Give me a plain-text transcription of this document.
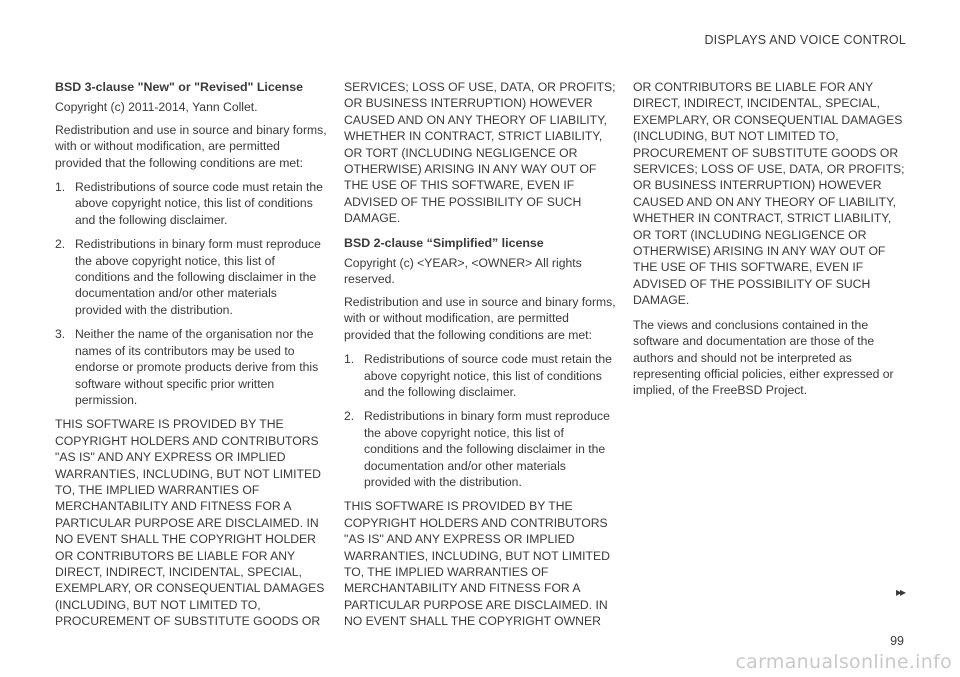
DISPLAYS AND VOICE CONTROL
BSD 3-clause "New" or "Revised" License

Copyright (c) 2011-2014, Yann Collet.

Redistribution and use in source and binary forms, with or without modification, are permitted provided that the following conditions are met:

1. Redistributions of source code must retain the above copyright notice, this list of conditions and the following disclaimer.
2. Redistributions in binary form must reproduce the above copyright notice, this list of conditions and the following disclaimer in the documentation and/or other materials provided with the distribution.
3. Neither the name of the organisation nor the names of its contributors may be used to endorse or promote products derive from this software without specific prior written permission.

THIS SOFTWARE IS PROVIDED BY THE COPYRIGHT HOLDERS AND CONTRIBUTORS "AS IS" AND ANY EXPRESS OR IMPLIED WARRANTIES, INCLUDING, BUT NOT LIMITED TO, THE IMPLIED WARRANTIES OF MERCHANTABILITY AND FITNESS FOR A PARTICULAR PURPOSE ARE DISCLAIMED. IN NO EVENT SHALL THE COPYRIGHT HOLDER OR CONTRIBUTORS BE LIABLE FOR ANY DIRECT, INDIRECT, INCIDENTAL, SPECIAL, EXEMPLARY, OR CONSEQUENTIAL DAMAGES (INCLUDING, BUT NOT LIMITED TO, PROCUREMENT OF SUBSTITUTE GOODS OR

SERVICES; LOSS OF USE, DATA, OR PROFITS; OR BUSINESS INTERRUPTION) HOWEVER CAUSED AND ON ANY THEORY OF LIABILITY, WHETHER IN CONTRACT, STRICT LIABILITY, OR TORT (INCLUDING NEGLIGENCE OR OTHERWISE) ARISING IN ANY WAY OUT OF THE USE OF THIS SOFTWARE, EVEN IF ADVISED OF THE POSSIBILITY OF SUCH DAMAGE.

BSD 2-clause “Simplified” license

Copyright (c) <YEAR>, <OWNER> All rights reserved.

Redistribution and use in source and binary forms, with or without modification, are permitted provided that the following conditions are met:

1. Redistributions of source code must retain the above copyright notice, this list of conditions and the following disclaimer.
2. Redistributions in binary form must reproduce the above copyright notice, this list of conditions and the following disclaimer in the documentation and/or other materials provided with the distribution.

THIS SOFTWARE IS PROVIDED BY THE COPYRIGHT HOLDERS AND CONTRIBUTORS "AS IS" AND ANY EXPRESS OR IMPLIED WARRANTIES, INCLUDING, BUT NOT LIMITED TO, THE IMPLIED WARRANTIES OF MERCHANTABILITY AND FITNESS FOR A PARTICULAR PURPOSE ARE DISCLAIMED. IN NO EVENT SHALL THE COPYRIGHT OWNER

OR CONTRIBUTORS BE LIABLE FOR ANY DIRECT, INDIRECT, INCIDENTAL, SPECIAL, EXEMPLARY, OR CONSEQUENTIAL DAMAGES (INCLUDING, BUT NOT LIMITED TO, PROCUREMENT OF SUBSTITUTE GOODS OR SERVICES; LOSS OF USE, DATA, OR PROFITS; OR BUSINESS INTERRUPTION) HOWEVER CAUSED AND ON ANY THEORY OF LIABILITY, WHETHER IN CONTRACT, STRICT LIABILITY, OR TORT (INCLUDING NEGLIGENCE OR OTHERWISE) ARISING IN ANY WAY OUT OF THE USE OF THIS SOFTWARE, EVEN IF ADVISED OF THE POSSIBILITY OF SUCH DAMAGE.

The views and conclusions contained in the software and documentation are those of the authors and should not be interpreted as representing official policies, either expressed or implied, of the FreeBSD Project.

▸▸
99
carmanualsonline.info
